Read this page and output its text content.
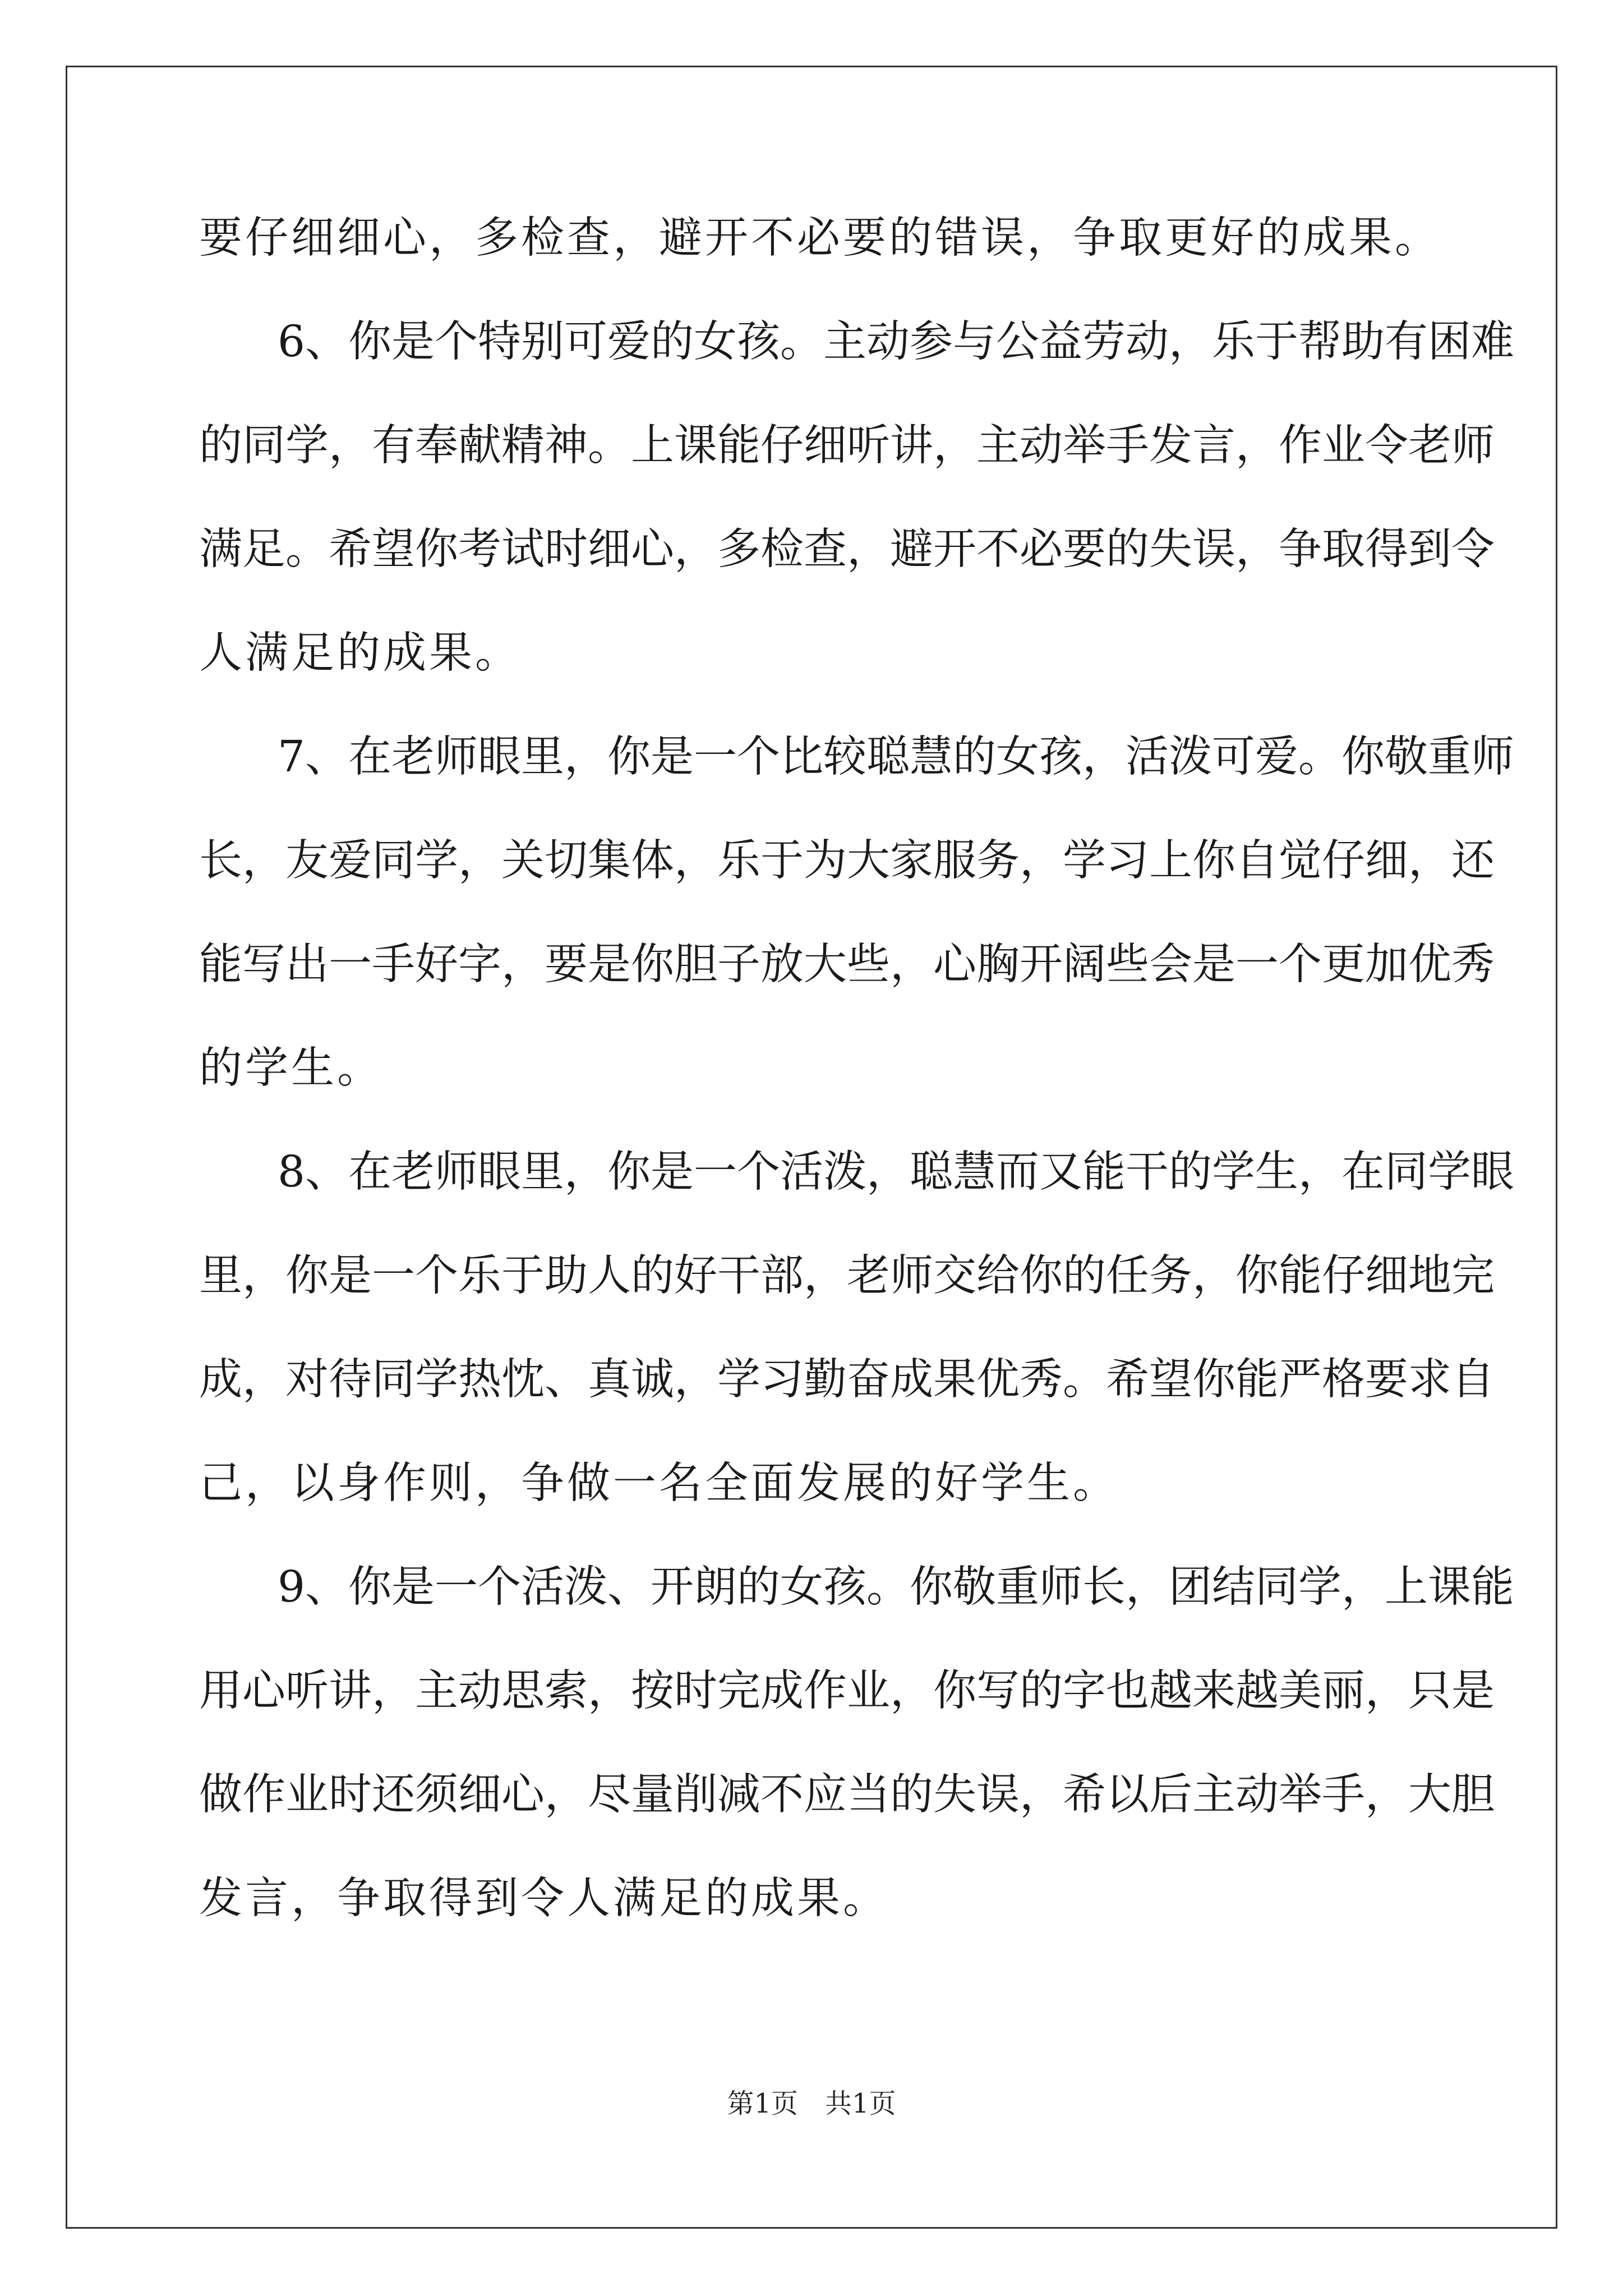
要仔细细心，多检查，避开不必要的错误，争取更好的成果。
6、你是个特别可爱的女孩。主动参与公益劳动，乐于帮助有困难
的同学，有奉献精神。上课能仔细听讲，主动举手发言，作业令老师
满足。希望你考试时细心，多检查，避开不必要的失误，争取得到令
人满足的成果。
7、在老师眼里，你是一个比较聪慧的女孩，活泼可爱。你敬重师
长，友爱同学，关切集体，乐于为大家服务，学习上你自觉仔细，还
能写出一手好字，要是你胆子放大些，心胸开阔些会是一个更加优秀
的学生。
8、在老师眼里，你是一个活泼，聪慧而又能干的学生，在同学眼
里，你是一个乐于助人的好干部，老师交给你的任务，你能仔细地完
成，对待同学热忱、真诚，学习勤奋成果优秀。希望你能严格要求自
己，以身作则，争做一名全面发展的好学生。
9、你是一个活泼、开朗的女孩。你敬重师长，团结同学，上课能
用心听讲，主动思索，按时完成作业，你写的字也越来越美丽，只是
做作业时还须细心，尽量削减不应当的失误，希以后主动举手，大胆
发言，争取得到令人满足的成果。
第1页　共1页
